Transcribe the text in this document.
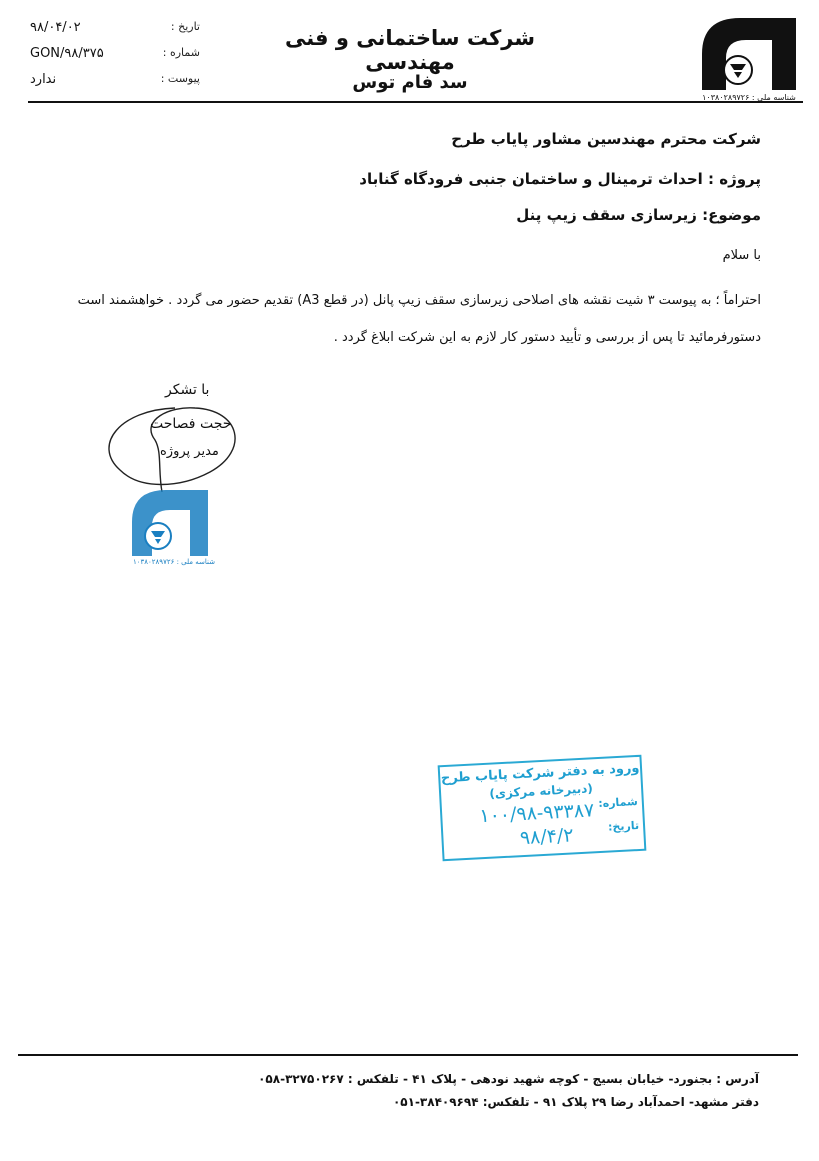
شرکت ساختمانی و فنی مهندسی
سد فام توس
تاریخ :
۹۸/۰۴/۰۲
شماره :
GON/۹۸/۳۷۵
پیوست :
ندارد
شناسه ملی : ۱۰۳۸۰۲۸۹۷۲۶
شرکت محترم مهندسین مشاور پایاب طرح
پروژه : احداث ترمینال و ساختمان جنبی فرودگاه گناباد
موضوع: زیرسازی سقف زیپ پنل
با سلام
احتراماً ؛ به پیوست ۳ شیت نقشه های اصلاحی زیرسازی سقف زیپ پانل (در قطع A3) تقدیم حضور می گردد . خواهشمند است دستورفرمائید تا پس از بررسی و تأیید دستور کار لازم به این شرکت ابلاغ گردد .
با تشکر
حجت فصاحت
مدیر پروژه
شناسه ملی : ۱۰۳۸۰۲۸۹۷۲۶
ورود به دفتر شرکت پایاب طرح
(دبیرخانه مرکزی)
شماره:
۱۰۰/۹۸-۹۳۳۸۷ تاریخ:
۹۸/۴/۲
آدرس : بجنورد- خیابان بسیج - کوچه شهید نودهی - پلاک ۴۱ - تلفکس : ۳۲۷۵۰۲۶۷-۰۵۸
دفتر مشهد- احمدآباد رضا ۲۹ پلاک ۹۱ - تلفکس: ۳۸۴۰۹۶۹۴-۰۵۱
